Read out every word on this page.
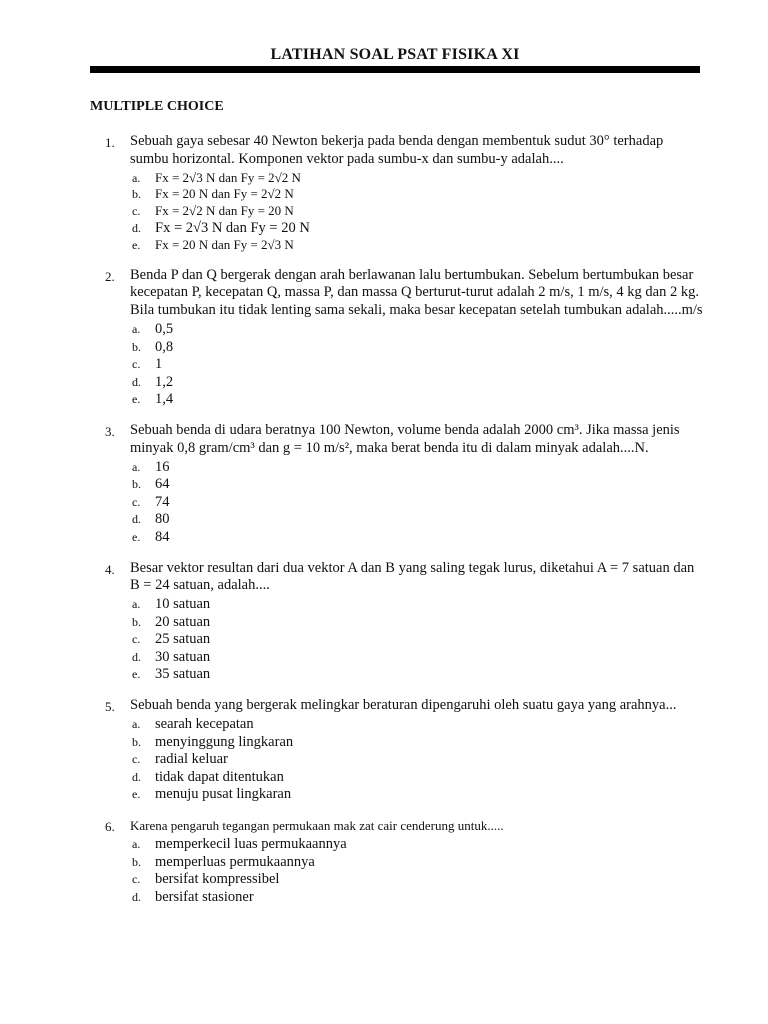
LATIHAN SOAL PSAT FISIKA XI
MULTIPLE CHOICE
1.	Sebuah gaya sebesar 40 Newton bekerja pada benda dengan membentuk sudut 30° terhadap sumbu horizontal. Komponen vektor pada sumbu-x dan sumbu-y adalah....
a.	Fx = 2√3 N dan Fy = 2√2 N
b.	Fx = 20 N dan Fy = 2√2 N
c.	Fx = 2√2 N dan Fy = 20 N
d. Fx = 2√3 N dan Fy = 20 N
e.	Fx = 20 N dan Fy = 2√3 N
2.	Benda P dan Q bergerak dengan arah berlawanan lalu bertumbukan. Sebelum bertumbukan besar kecepatan P, kecepatan Q, massa P, dan massa Q berturut-turut adalah 2 m/s, 1 m/s, 4 kg dan 2 kg. Bila tumbukan itu tidak lenting sama sekali, maka besar kecepatan setelah tumbukan adalah.....m/s
a.	0,5
b. 0,8
c.	1
d. 1,2
e.	1,4
3.	Sebuah benda di udara beratnya 100 Newton, volume benda adalah 2000 cm³. Jika massa jenis minyak 0,8 gram/cm³ dan g = 10 m/s², maka berat benda itu di dalam minyak adalah....N.
a.	16
b. 64
c.	74
d. 80
e.	84
4.	Besar vektor resultan dari dua vektor A dan B yang saling tegak lurus, diketahui A = 7 satuan dan B = 24 satuan, adalah....
a.	10 satuan
b. 20 satuan
c.	25 satuan
d. 30 satuan
e.	35 satuan
5.	Sebuah benda yang bergerak melingkar beraturan dipengaruhi oleh suatu gaya yang arahnya...
a.	searah kecepatan
b. menyinggung lingkaran
c.	radial keluar
d. tidak dapat ditentukan
e.	menuju pusat lingkaran
6.	Karena pengaruh tegangan permukaan mak zat cair cenderung untuk.....
a.	memperkecil luas permukaannya
b. memperluas permukaannya
c.	bersifat kompressibel
d. bersifat stasioner
